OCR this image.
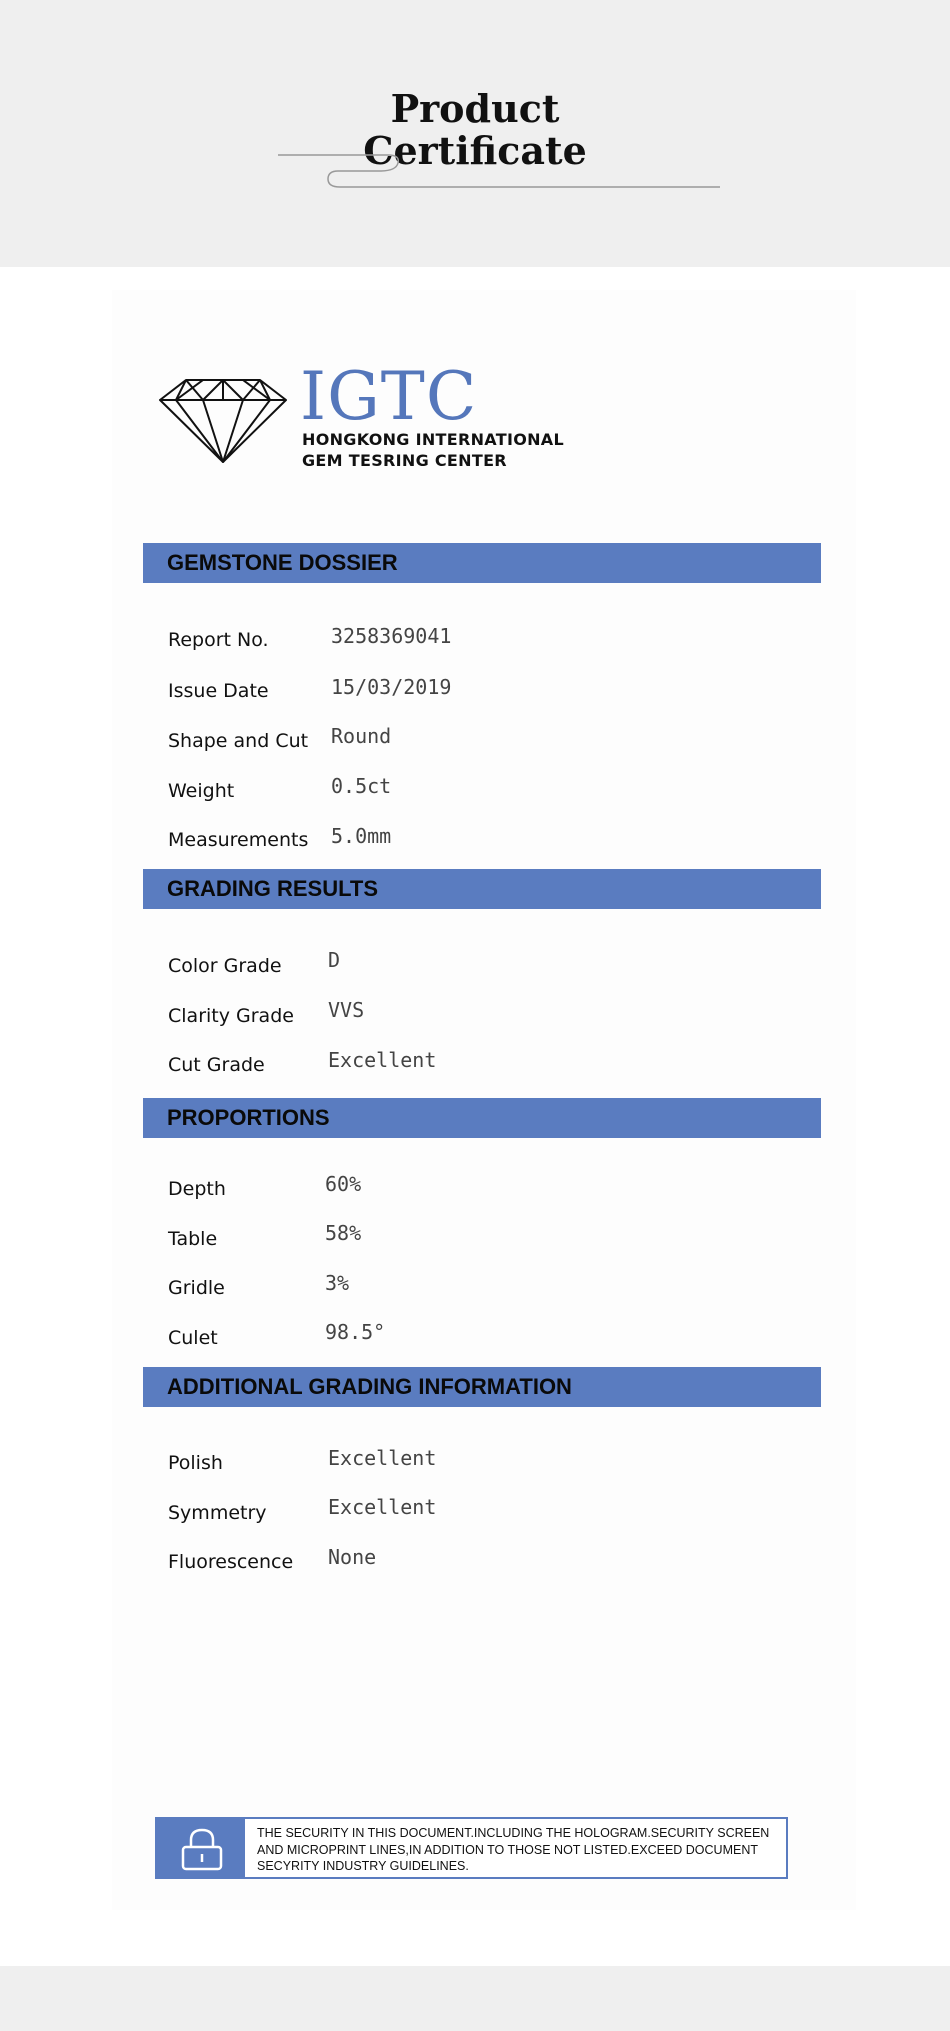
Product
Certificate
IGTC
HONGKONG INTERNATIONAL
GEM TESRING CENTER
GEMSTONE DOSSIER
Report No.	3258369041
Issue Date	15/03/2019
Shape and Cut Round
Weight	0.5ct
Measurements 5.0mm
GRADING RESULTS
Color Grade D
Clarity Grade VVS
Cut Grade	Excellent
PROPORTIONS
Depth	60%
Table	58%
Gridle	3%
Culet	98.5°
ADDITIONAL GRADING INFORMATION
Polish	Excellent
Symmetry	Excellent
Fluorescence None
THE SECURITY IN THIS DOCUMENT.INCLUDING THE HOLOGRAM.SECURITY SCREEN
AND MICROPRINT LINES,IN ADDITION TO THOSE NOT LISTED.EXCEED DOCUMENT
SECYRITY INDUSTRY GUIDELINES.
